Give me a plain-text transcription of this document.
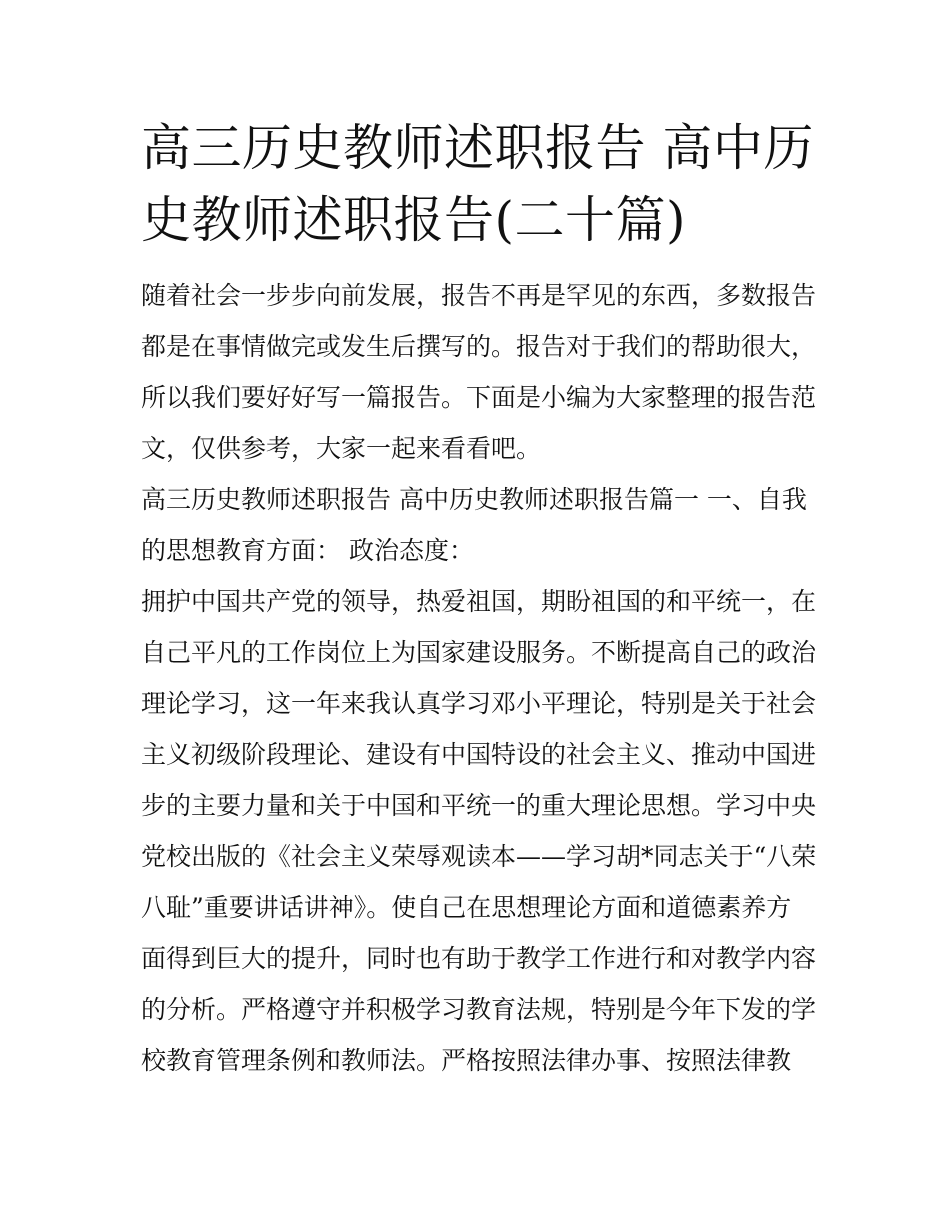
高三历史教师述职报告 高中历
史教师述职报告(二十篇)

随着社会一步步向前发展，报告不再是罕见的东西，多数报告
都是在事情做完或发生后撰写的。报告对于我们的帮助很大，
所以我们要好好写一篇报告。下面是小编为大家整理的报告范
文，仅供参考，大家一起来看看吧。

高三历史教师述职报告 高中历史教师述职报告篇一 一、自我
的思想教育方面： 政治态度：

拥护中国共产党的领导，热爱祖国，期盼祖国的和平统一，在
自己平凡的工作岗位上为国家建设服务。不断提高自己的政治
理论学习，这一年来我认真学习邓小平理论，特别是关于社会
主义初级阶段理论、建设有中国特设的社会主义、推动中国进
步的主要力量和关于中国和平统一的重大理论思想。学习中央
党校出版的《社会主义荣辱观读本——学习胡*同志关于“八荣
八耻”重要讲话讲神》。使自己在思想理论方面和道德素养方
面得到巨大的提升，同时也有助于教学工作进行和对教学内容
的分析。严格遵守并积极学习教育法规，特别是今年下发的学
校教育管理条例和教师法。严格按照法律办事、按照法律教
